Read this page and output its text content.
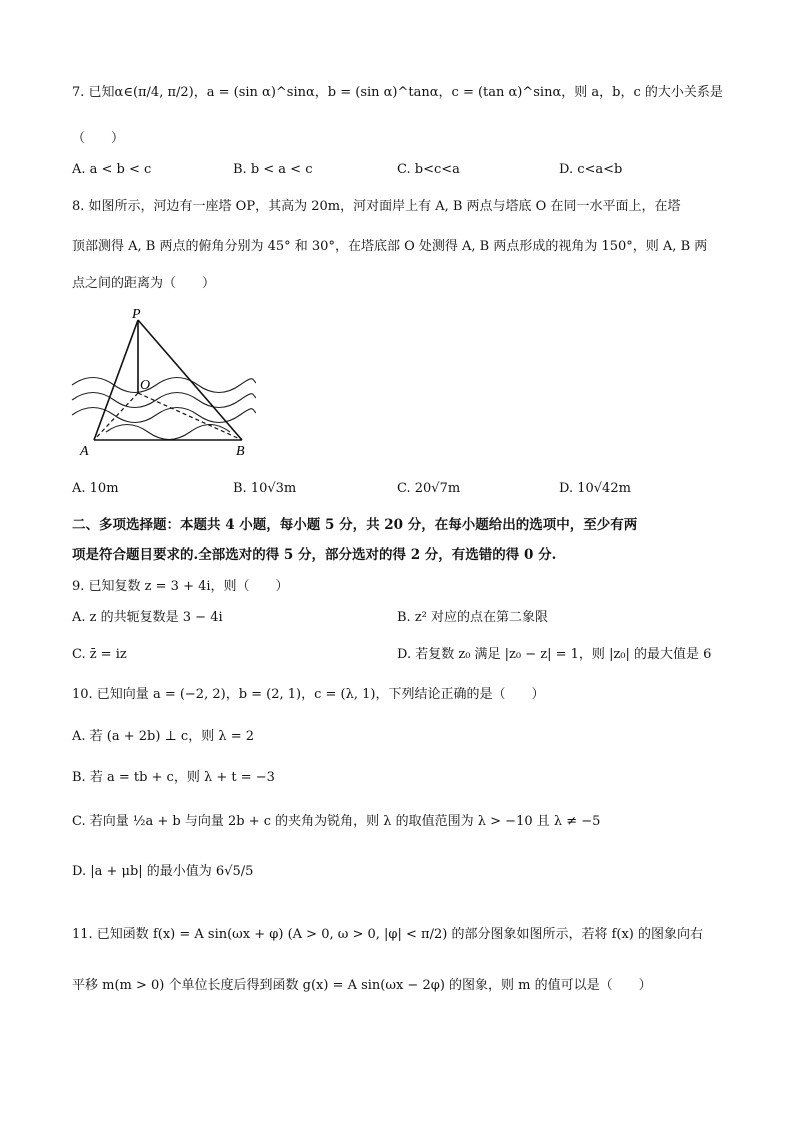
7. 已知α∈(π/4, π/2)，a = (sin α)^sinα，b = (sin α)^tanα，c = (tan α)^sinα，则 a，b，c 的大小关系是
（　　）
A. a < b < c	B. b < a < c	C. b<c<a	D. c<a<b
8. 如图所示，河边有一座塔 OP，其高为 20m，河对面岸上有 A, B 两点与塔底 O 在同一水平面上，在塔
顶部测得 A, B 两点的俯角分别为 45° 和 30°，在塔底部 O 处测得 A, B 两点形成的视角为 150°，则 A, B 两
点之间的距离为（　　）
P
O
A	B
A. 10m	B. 10√3m	C. 20√7m	D. 10√42m
二、多项选择题：本题共 4 小题，每小题 5 分，共 20 分，在每小题给出的选项中，至少有两
项是符合题目要求的.全部选对的得 5 分，部分选对的得 2 分，有选错的得 0 分.
9. 已知复数 z = 3 + 4i，则（　　）
A. z 的共轭复数是 3 − 4i	B. z² 对应的点在第二象限
C. z̄ = iz	D. 若复数 z₀ 满足 |z₀ − z| = 1，则 |z₀| 的最大值是 6
10. 已知向量 a = (−2, 2)，b = (2, 1)，c = (λ, 1)，下列结论正确的是（　　）
A. 若 (a + 2b) ⊥ c，则 λ = 2
B. 若 a = tb + c，则 λ + t = −3
C. 若向量 ½a + b 与向量 2b + c 的夹角为锐角，则 λ 的取值范围为 λ > −10 且 λ ≠ −5
D. |a + μb| 的最小值为 6√5/5
11. 已知函数 f(x) = A sin(ωx + φ) (A > 0, ω > 0, |φ| < π/2) 的部分图象如图所示，若将 f(x) 的图象向右
平移 m(m > 0) 个单位长度后得到函数 g(x) = A sin(ωx − 2φ) 的图象，则 m 的值可以是（　　）
